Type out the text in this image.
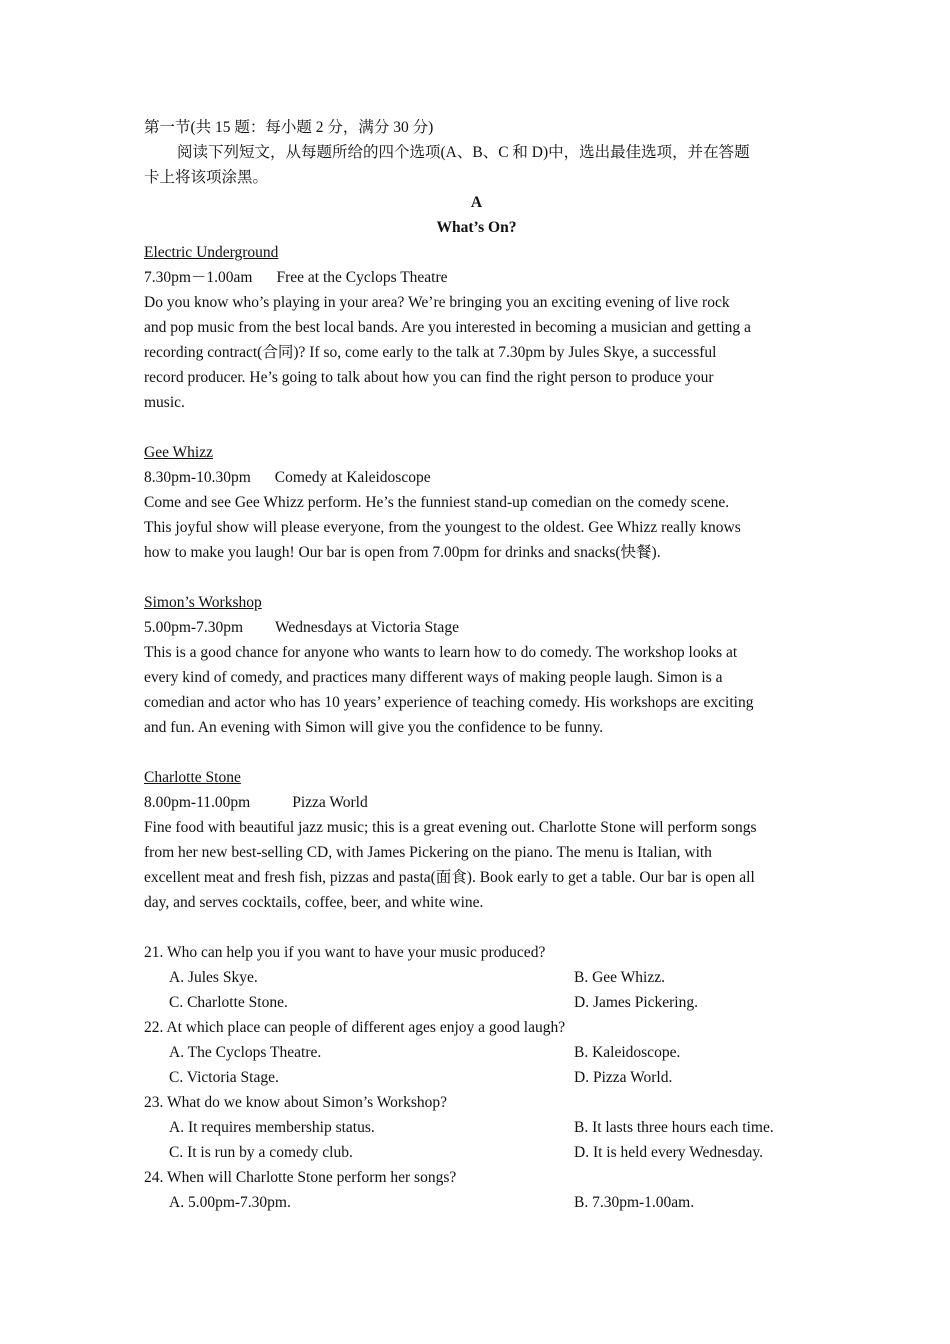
第一节(共 15 题：每小题 2 分，满分 30 分)
阅读下列短文，从每题所给的四个选项(A、B、C 和 D)中，选出最佳选项，并在答题
卡上将该项涂黑。
A
What’s On?
Electric Underground
7.30pm－1.00am Free at the Cyclops Theatre
Do you know who’s playing in your area? We’re bringing you an exciting evening of live rock
and pop music from the best local bands. Are you interested in becoming a musician and getting a
recording contract(合同)? If so, come early to the talk at 7.30pm by Jules Skye, a successful
record producer. He’s going to talk about how you can find the right person to produce your
music.
Gee Whizz
8.30pm-10.30pm Comedy at Kaleidoscope
Come and see Gee Whizz perform. He’s the funniest stand-up comedian on the comedy scene.
This joyful show will please everyone, from the youngest to the oldest. Gee Whizz really knows
how to make you laugh! Our bar is open from 7.00pm for drinks and snacks(快餐).
Simon’s Workshop
5.00pm-7.30pm Wednesdays at Victoria Stage
This is a good chance for anyone who wants to learn how to do comedy. The workshop looks at
every kind of comedy, and practices many different ways of making people laugh. Simon is a
comedian and actor who has 10 years’ experience of teaching comedy. His workshops are exciting
and fun. An evening with Simon will give you the confidence to be funny.
Charlotte Stone
8.00pm-11.00pm	Pizza World
Fine food with beautiful jazz music; this is a great evening out. Charlotte Stone will perform songs
from her new best-selling CD, with James Pickering on the piano. The menu is Italian, with
excellent meat and fresh fish, pizzas and pasta(面食). Book early to get a table. Our bar is open all
day, and serves cocktails, coffee, beer, and white wine.
21. Who can help you if you want to have your music produced?
A. Jules Skye.	B. Gee Whizz.
C. Charlotte Stone.	D. James Pickering.
22. At which place can people of different ages enjoy a good laugh?
A. The Cyclops Theatre.	B. Kaleidoscope.
C. Victoria Stage.	D. Pizza World.
23. What do we know about Simon’s Workshop?
A. It requires membership status.	B. It lasts three hours each time.
C. It is run by a comedy club.	D. It is held every Wednesday.
24. When will Charlotte Stone perform her songs?
A. 5.00pm-7.30pm.	B. 7.30pm-1.00am.
